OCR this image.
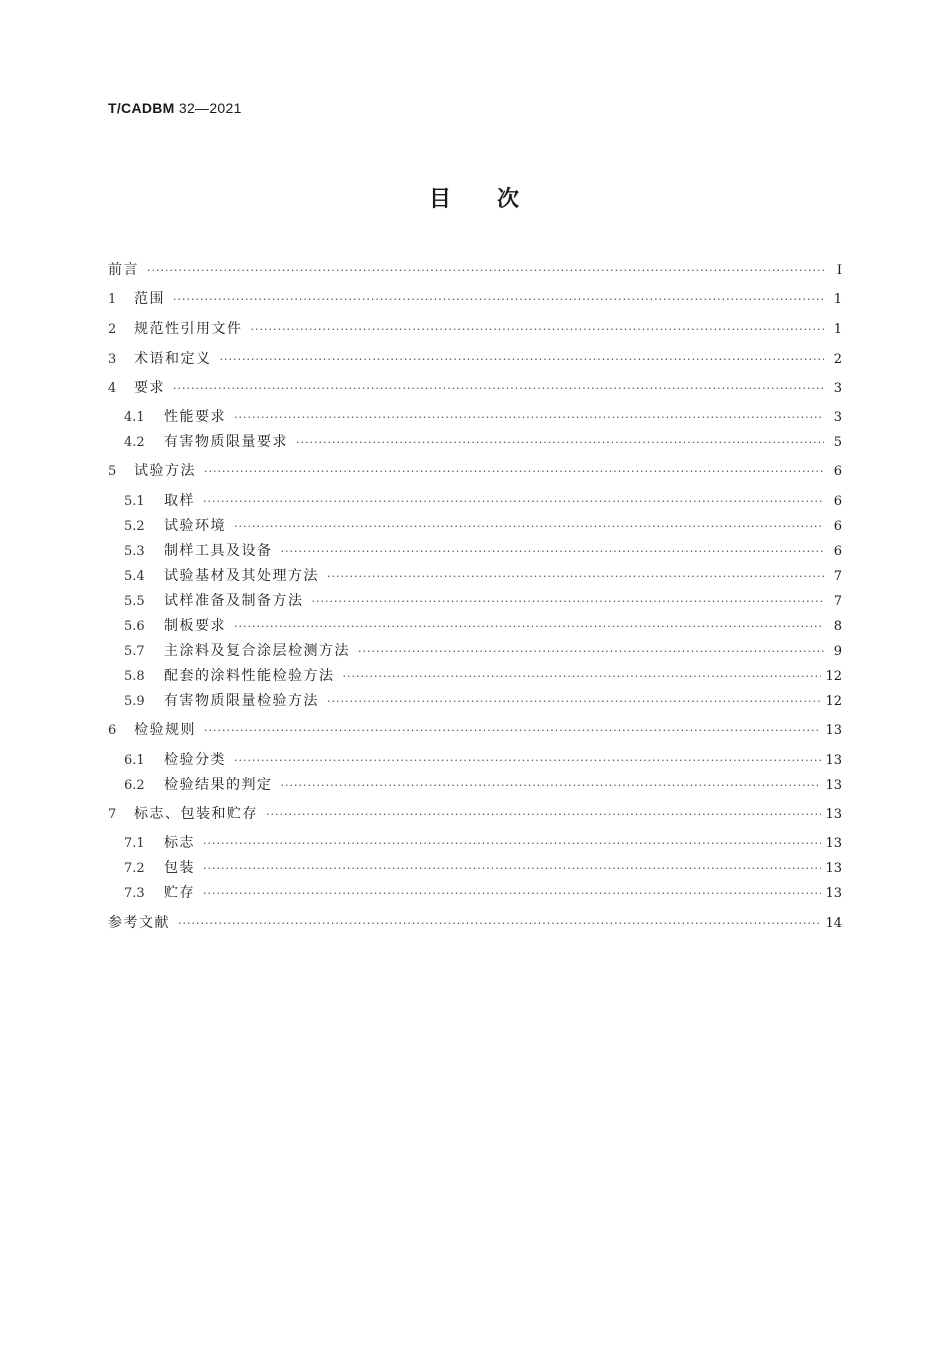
T/CADBM 32—2021
目 次
前言 ·····	Ⅰ
1 范围 ·····	1
2 规范性引用文件 ·····	1
3 术语和定义 ·····	2
4 要求 ·····	3
4.1 性能要求 ·····	3
4.2 有害物质限量要求 ·····	5
5 试验方法 ·····	6
5.1 取样 ·····	6
5.2 试验环境 ·····	6
5.3 制样工具及设备 ·····	6
5.4 试验基材及其处理方法 ·····	7
5.5 试样准备及制备方法 ·····	7
5.6 制板要求 ·····	8
5.7 主涂料及复合涂层检测方法 ·····	9
5.8 配套的涂料性能检验方法 ·····	12
5.9 有害物质限量检验方法 ·····	12
6 检验规则 ·····	13
6.1 检验分类 ·····	13
6.2 检验结果的判定 ·····	13
7 标志、包装和贮存 ·····	13
7.1 标志 ·····	13
7.2 包装 ·····	13
7.3 贮存 ·····	13
参考文献 ·····	14
